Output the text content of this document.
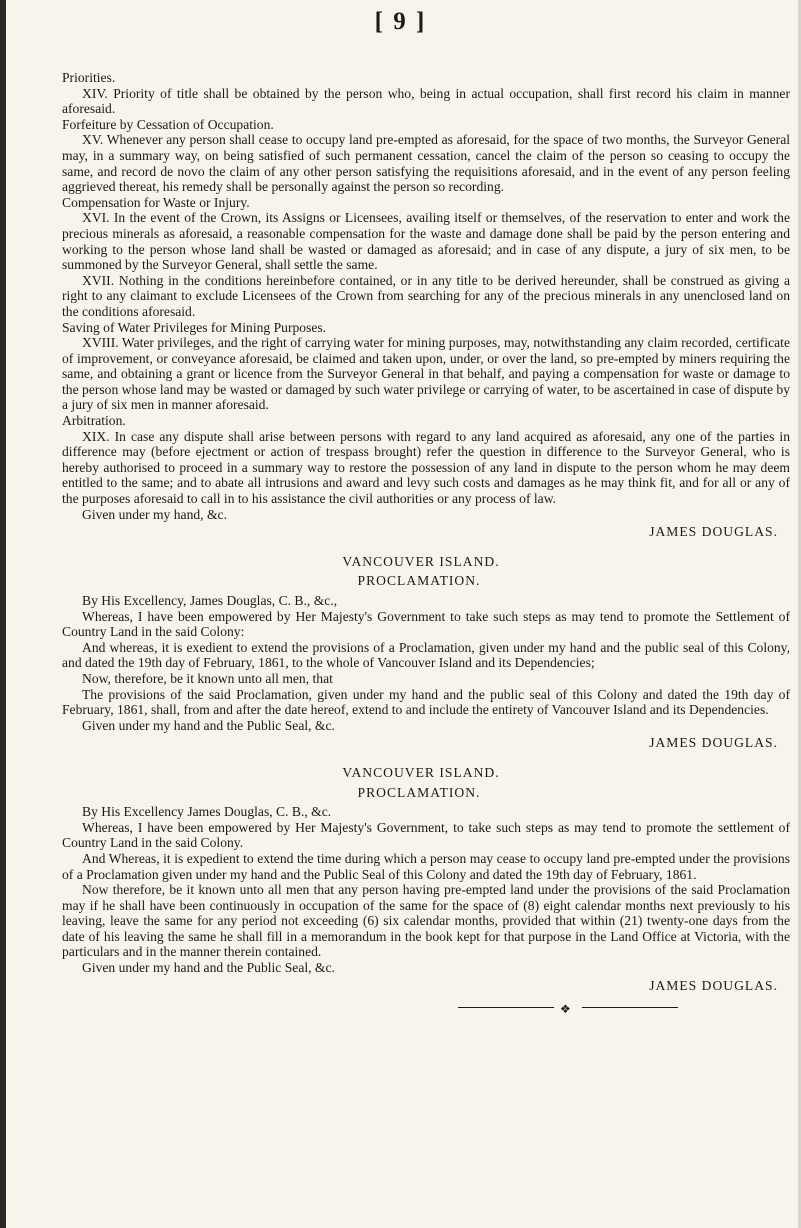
[ 9 ]

Priorities.

XIV. Priority of title shall be obtained by the person who, being in actual occupation, shall first record his claim in manner aforesaid.

Forfeiture by Cessation of Occupation.

XV. Whenever any person shall cease to occupy land pre-empted as aforesaid, for the space of two months, the Surveyor General may, in a summary way, on being satisfied of such permanent cessation, cancel the claim of the person so ceasing to occupy the same, and record de novo the claim of any other person satisfying the requisitions aforesaid, and in the event of any person feeling aggrieved thereat, his remedy shall be personally against the person so recording.

Compensation for Waste or Injury.

XVI. In the event of the Crown, its Assigns or Licensees, availing itself or themselves, of the reservation to enter and work the precious minerals as aforesaid, a reasonable compensation for the waste and damage done shall be paid by the person entering and working to the person whose land shall be wasted or damaged as aforesaid; and in case of any dispute, a jury of six men, to be summoned by the Surveyor General, shall settle the same.

XVII. Nothing in the conditions hereinbefore contained, or in any title to be derived hereunder, shall be construed as giving a right to any claimant to exclude Licensees of the Crown from searching for any of the precious minerals in any unenclosed land on the conditions aforesaid.

Saving of Water Privileges for Mining Purposes.

XVIII. Water privileges, and the right of carrying water for mining purposes, may, notwithstanding any claim recorded, certificate of improvement, or conveyance aforesaid, be claimed and taken upon, under, or over the land, so pre-empted by miners requiring the same, and obtaining a grant or licence from the Surveyor General in that behalf, and paying a compensation for waste or damage to the person whose land may be wasted or damaged by such water privilege or carrying of water, to be ascertained in case of dispute by a jury of six men in manner aforesaid.

Arbitration.

XIX. In case any dispute shall arise between persons with regard to any land acquired as aforesaid, any one of the parties in difference may (before ejectment or action of trespass brought) refer the question in difference to the Surveyor General, who is hereby authorised to proceed in a summary way to restore the possession of any land in dispute to the person whom he may deem entitled to the same; and to abate all intrusions and award and levy such costs and damages as he may think fit, and for all or any of the purposes aforesaid to call in to his assistance the civil authorities or any process of law.

Given under my hand, &c.

JAMES DOUGLAS.

VANCOUVER ISLAND.

PROCLAMATION.

By His Excellency, James Douglas, C. B., &c.,

Whereas, I have been empowered by Her Majesty's Government to take such steps as may tend to promote the Settlement of Country Land in the said Colony:

And whereas, it is exedient to extend the provisions of a Proclamation, given under my hand and the public seal of this Colony, and dated the 19th day of February, 1861, to the whole of Vancouver Island and its Dependencies;

Now, therefore, be it known unto all men, that

The provisions of the said Proclamation, given under my hand and the public seal of this Colony and dated the 19th day of February, 1861, shall, from and after the date hereof, extend to and include the entirety of Vancouver Island and its Dependencies.

Given under my hand and the Public Seal, &c.

JAMES DOUGLAS.

VANCOUVER ISLAND.

PROCLAMATION.

By His Excellency James Douglas, C. B., &c.

Whereas, I have been empowered by Her Majesty's Government, to take such steps as may tend to promote the settlement of Country Land in the said Colony.

And Whereas, it is expedient to extend the time during which a person may cease to occupy land pre-empted under the provisions of a Proclamation given under my hand and the Public Seal of this Colony and dated the 19th day of February, 1861.

Now therefore, be it known unto all men that any person having pre-empted land under the provisions of the said Proclamation may if he shall have been continuously in occupation of the same for the space of (8) eight calendar months next previously to his leaving, leave the same for any period not exceeding (6) six calendar months, provided that within (21) twenty-one days from the date of his leaving the same he shall fill in a memorandum in the book kept for that purpose in the Land Office at Victoria, with the particulars and in the manner therein contained.

Given under my hand and the Public Seal, &c.

JAMES DOUGLAS.

❖
